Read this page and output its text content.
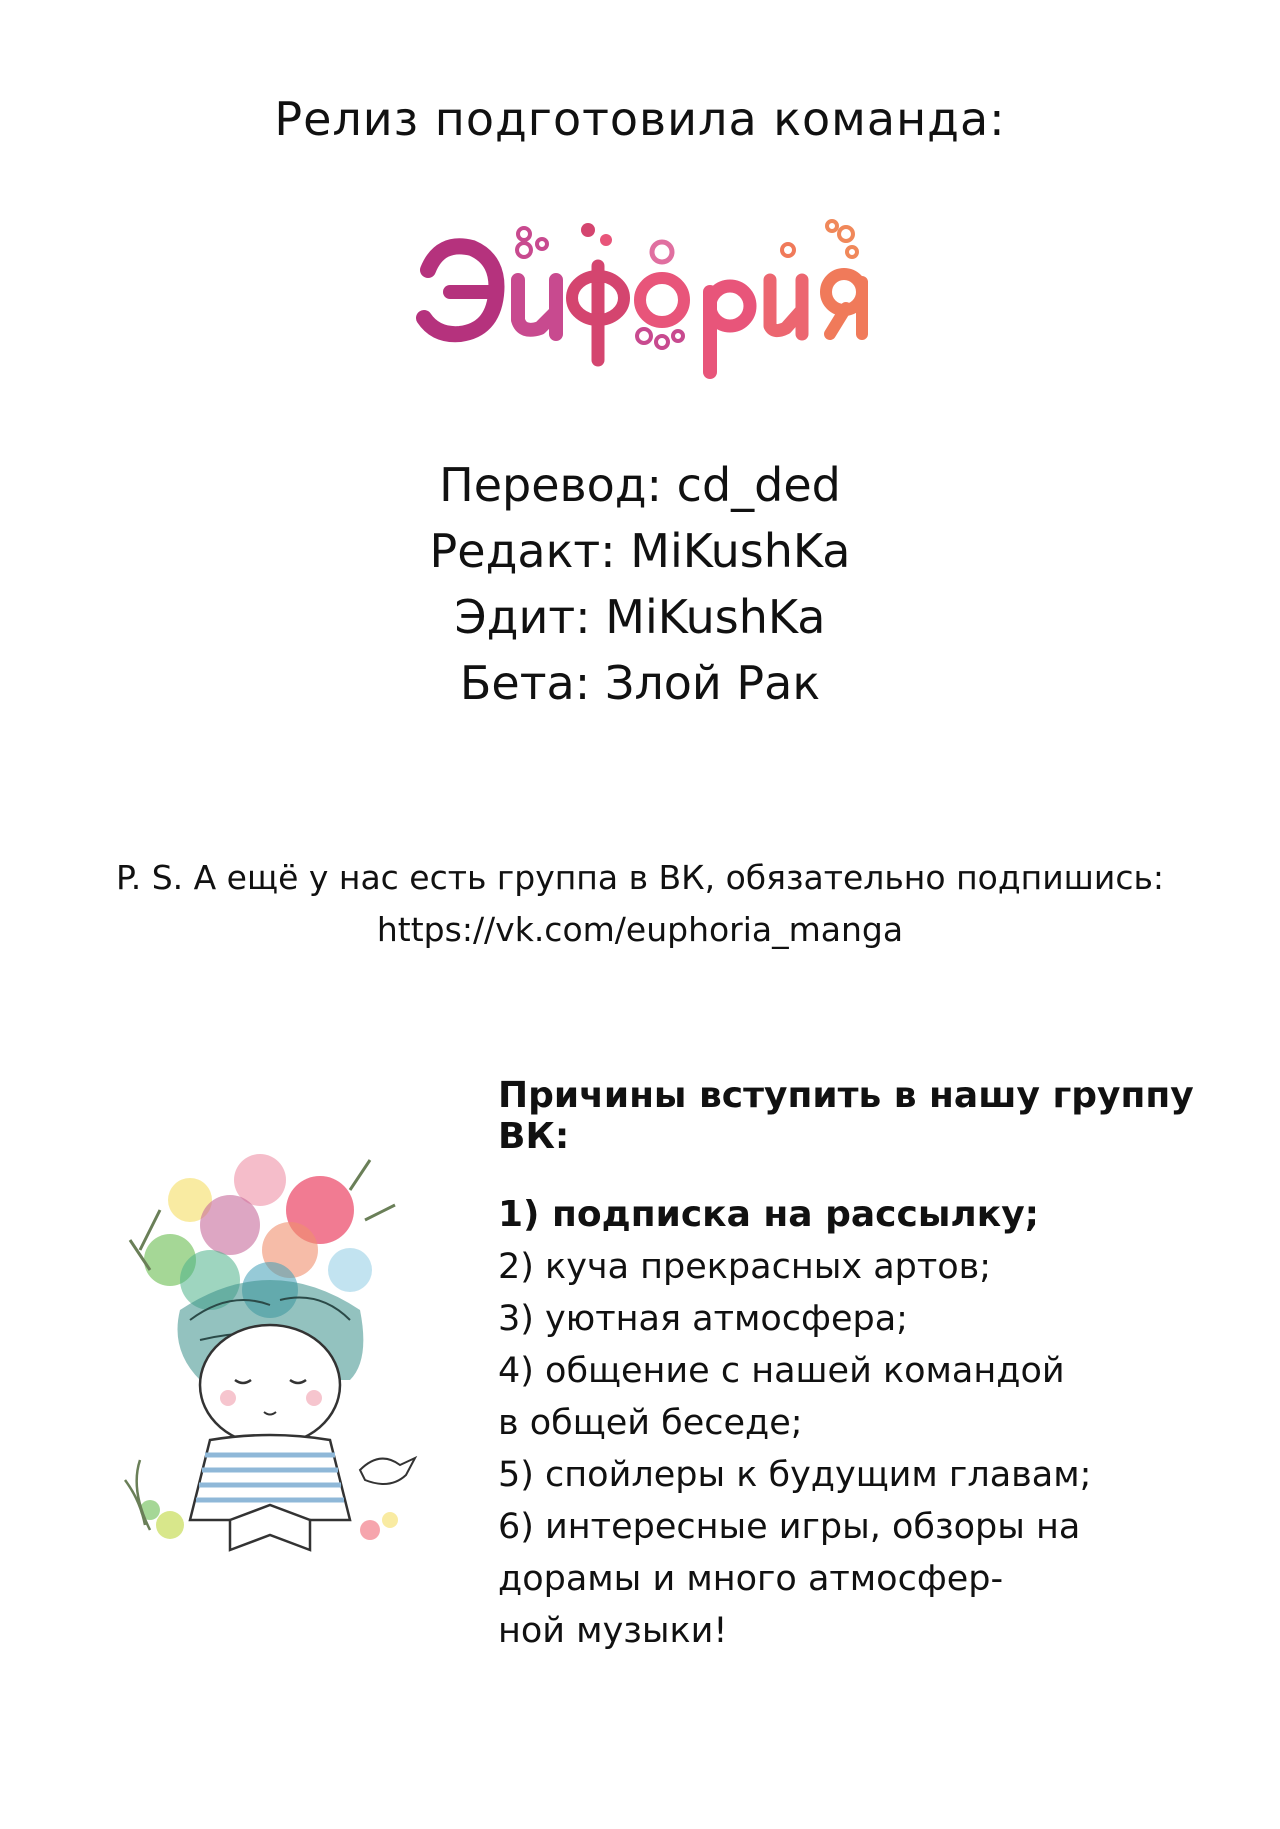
Релиз подготовила команда:
Перевод: cd_ded
Редакт: MiKushKa
Эдит: MiKushKa
Бета: Злой Рак
P. S. А ещё у нас есть группа в ВК, обязательно подпишись:
https://vk.com/euphoria_manga
Причины вступить в нашу группу ВК:
1) подписка на рассылку;
2) куча прекрасных артов;
3) уютная атмосфера;
4) общение с нашей командой
в общей беседе;
5) спойлеры к будущим главам;
6) интересные игры, обзоры на
дорамы и много атмосфер-
ной музыки!
